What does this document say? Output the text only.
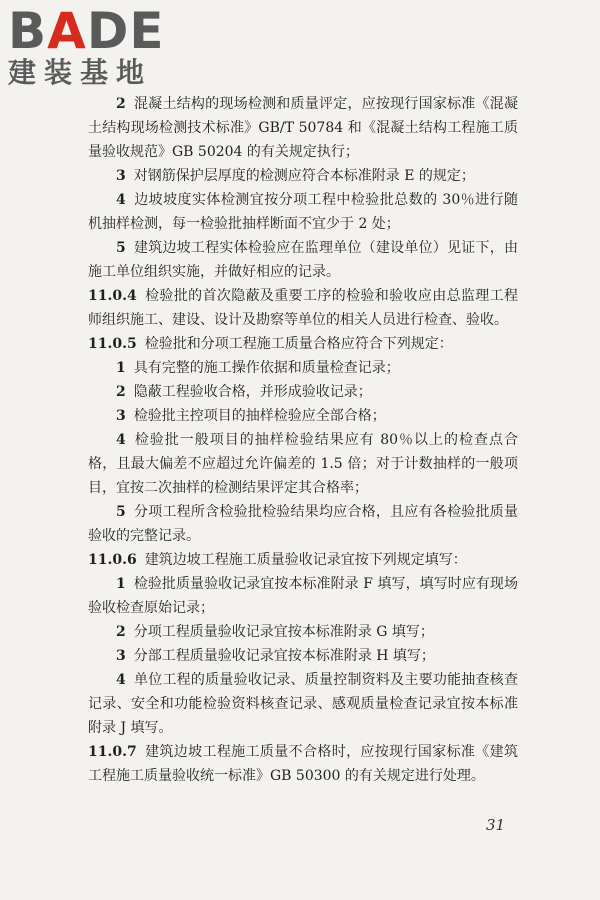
BADE
建装基地

2 混凝土结构的现场检测和质量评定，应按现行国家标准《混凝土结构现场检测技术标准》GB/T 50784 和《混凝土结构工程施工质量验收规范》GB 50204 的有关规定执行；

3 对钢筋保护层厚度的检测应符合本标准附录 E 的规定；

4 边坡坡度实体检测宜按分项工程中检验批总数的 30％进行随机抽样检测，每一检验批抽样断面不宜少于 2 处；

5 建筑边坡工程实体检验应在监理单位（建设单位）见证下，由施工单位组织实施，并做好相应的记录。

11.0.4 检验批的首次隐蔽及重要工序的检验和验收应由总监理工程师组织施工、建设、设计及勘察等单位的相关人员进行检查、验收。

11.0.5 检验批和分项工程施工质量合格应符合下列规定：

1 具有完整的施工操作依据和质量检查记录；

2 隐蔽工程验收合格，并形成验收记录；

3 检验批主控项目的抽样检验应全部合格；

4 检验批一般项目的抽样检验结果应有 80％以上的检查点合格，且最大偏差不应超过允许偏差的 1.5 倍；对于计数抽样的一般项目，宜按二次抽样的检测结果评定其合格率；

5 分项工程所含检验批检验结果均应合格，且应有各检验批质量验收的完整记录。

11.0.6 建筑边坡工程施工质量验收记录宜按下列规定填写：

1 检验批质量验收记录宜按本标准附录 F 填写，填写时应有现场验收检查原始记录；

2 分项工程质量验收记录宜按本标准附录 G 填写；

3 分部工程质量验收记录宜按本标准附录 H 填写；

4 单位工程的质量验收记录、质量控制资料及主要功能抽查核查记录、安全和功能检验资料核查记录、感观质量检查记录宜按本标准附录 J 填写。

11.0.7 建筑边坡工程施工质量不合格时，应按现行国家标准《建筑工程施工质量验收统一标准》GB 50300 的有关规定进行处理。

31
